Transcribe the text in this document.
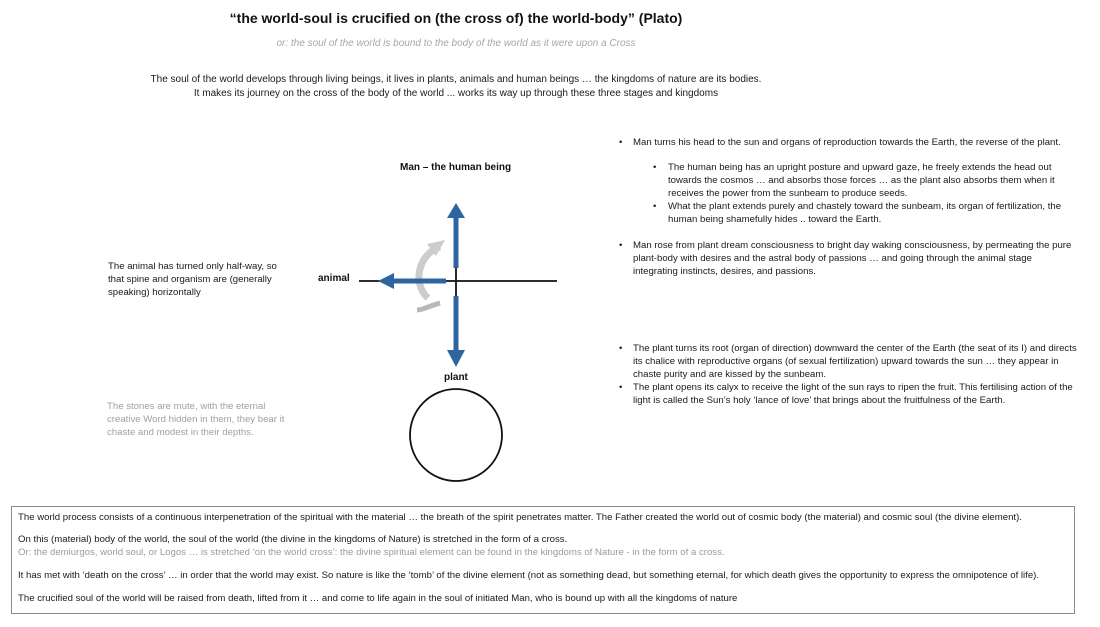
“the world-soul is crucified on (the cross of) the world-body” (Plato)
or: the soul of the world is bound to the body of the world as it were upon a Cross
The soul of the world develops through living beings, it lives in plants, animals and human beings … the kingdoms of nature are its bodies.
It makes its journey on the cross of the body of the world ... works its way up through these three stages and kingdoms
The animal has turned only half-way, so that spine and organism are (generally speaking) horizontally
The stones are mute, with the eternal creative Word hidden in them, they bear it chaste and modest in their depths.
Man – the human being
animal
plant
• Man turns his head to the sun and organs of reproduction towards the Earth, the reverse of the plant.
• The human being has an upright posture and upward gaze, he freely extends the head out towards the cosmos … and absorbs those forces … as the plant also absorbs them when it receives the power from the sunbeam to produce seeds.
• What the plant extends purely and chastely toward the sunbeam, its organ of fertilization, the human being shamefully hides .. toward the Earth.
• Man rose from plant dream consciousness to bright day waking consciousness, by permeating the pure plant-body with desires and the astral body of passions … and going through the animal stage integrating instincts, desires, and passions.
• The plant turns its root (organ of direction) downward the center of the Earth (the seat of its I) and directs its chalice with reproductive organs (of sexual fertilization) upward towards the sun … they appear in chaste purity and are kissed by the sunbeam.
• The plant opens its calyx to receive the light of the sun rays to ripen the fruit. This fertilising action of the light is called the Sun’s holy ‘lance of love’ that brings about the fruitfulness of the Earth.

The world process consists of a continuous interpenetration of the spiritual with the material … the breath of the spirit penetrates matter. The Father created the world out of cosmic body (the material) and cosmic soul (the divine element).

On this (material) body of the world, the soul of the world (the divine in the kingdoms of Nature) is stretched in the form of a cross.

Or: the demiurgos, world soul, or Logos … is stretched ‘on the world cross’: the divine spiritual element can be found in the kingdoms of Nature - in the form of a cross.

It has met with ‘death on the cross’ … in order that the world may exist. So nature is like the ‘tomb’ of the divine element (not as something dead, but something eternal, for which death gives the opportunity to express the omnipotence of life).

The crucified soul of the world will be raised from death, lifted from it … and come to life again in the soul of initiated Man, who is bound up with all the kingdoms of nature
